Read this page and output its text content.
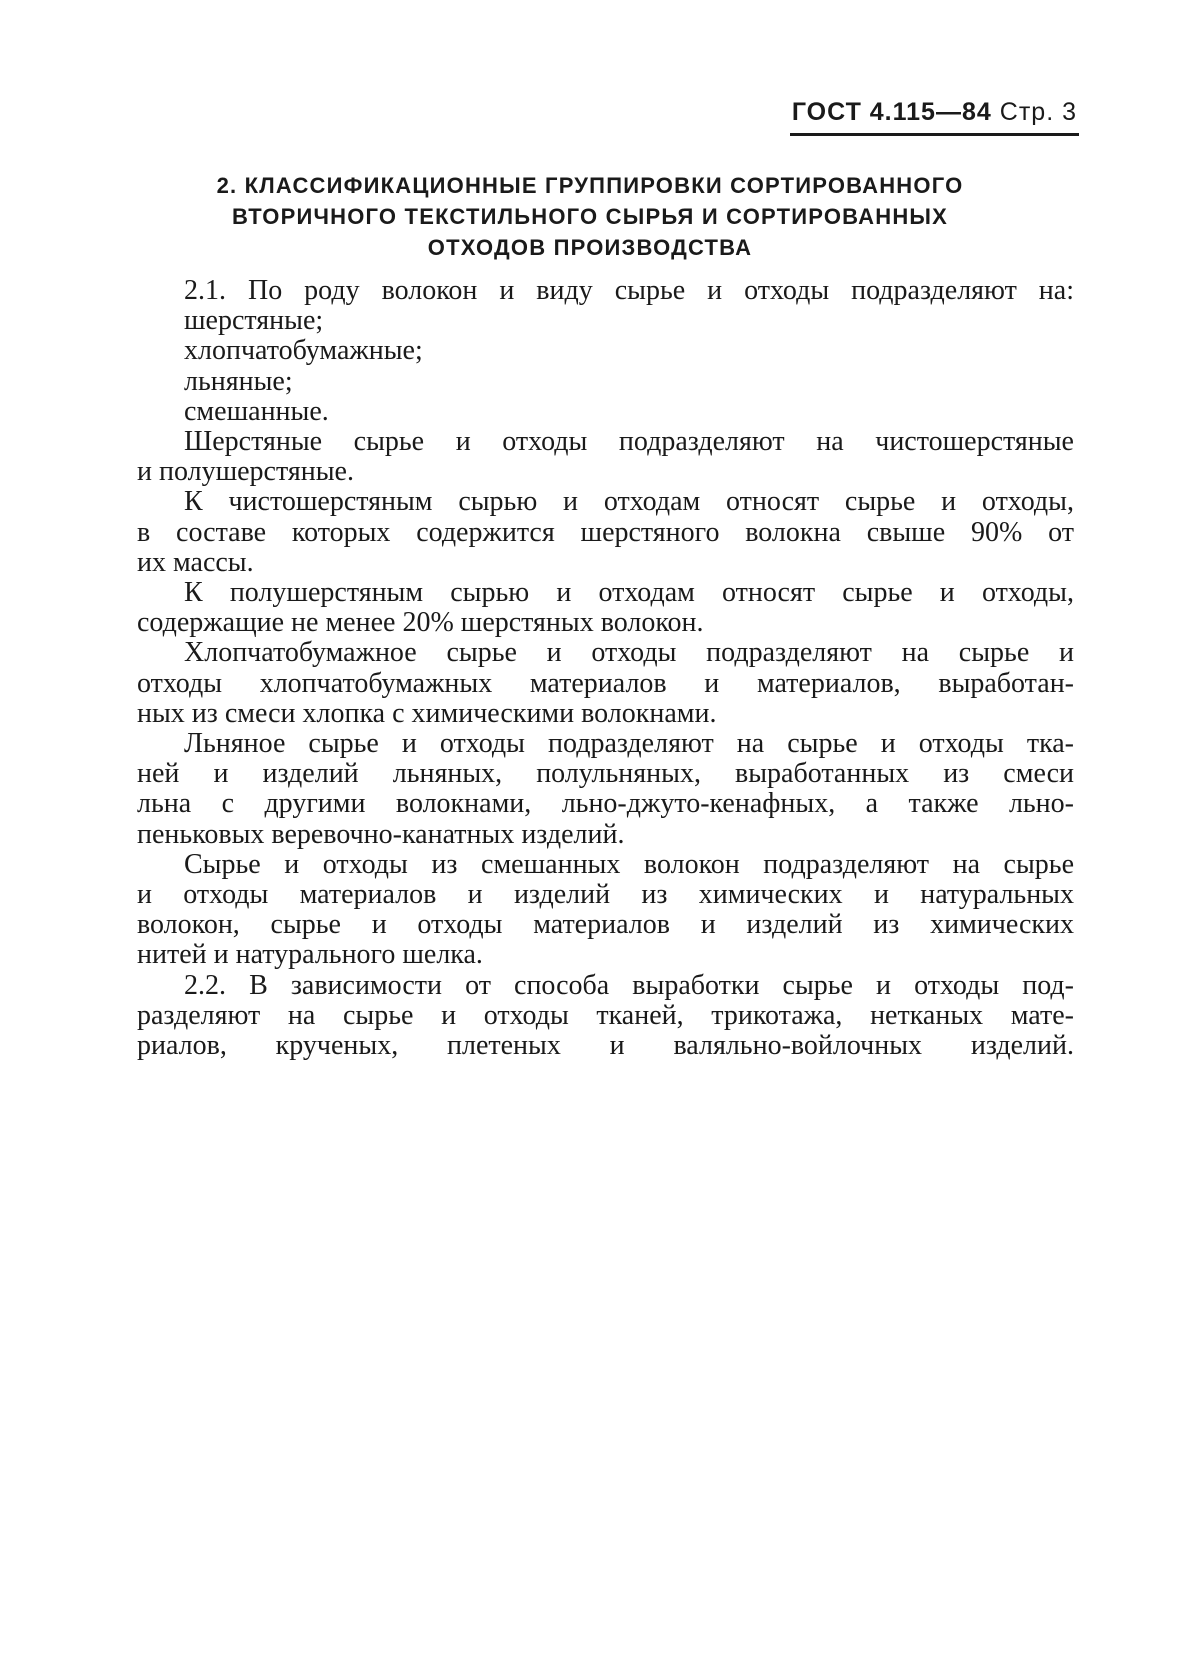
ГОСТ 4.115—84 Стр. 3
2. КЛАССИФИКАЦИОННЫЕ ГРУППИРОВКИ СОРТИРОВАННОГО
ВТОРИЧНОГО ТЕКСТИЛЬНОГО СЫРЬЯ И СОРТИРОВАННЫХ
ОТХОДОВ ПРОИЗВОДСТВА
2.1. По роду волокон и виду сырье и отходы подразделяют на:
шерстяные;
хлопчатобумажные;
льняные;
смешанные.
Шерстяные сырье и отходы подразделяют на чистошерстяные
и полушерстяные.
К чистошерстяным сырью и отходам относят сырье и отходы,
в составе которых содержится шерстяного волокна свыше 90% от
их массы.
К полушерстяным сырью и отходам относят сырье и отходы,
содержащие не менее 20% шерстяных волокон.
Хлопчатобумажное сырье и отходы подразделяют на сырье и
отходы хлопчатобумажных материалов и материалов, выработан-
ных из смеси хлопка с химическими волокнами.
Льняное сырье и отходы подразделяют на сырье и отходы тка-
ней и изделий льняных, полульняных, выработанных из смеси
льна с другими волокнами, льно-джуто-кенафных, а также льно-
пеньковых веревочно-канатных изделий.
Сырье и отходы из смешанных волокон подразделяют на сырье
и отходы материалов и изделий из химических и натуральных
волокон, сырье и отходы материалов и изделий из химических
нитей и натурального шелка.
2.2. В зависимости от способа выработки сырье и отходы под-
разделяют на сырье и отходы тканей, трикотажа, нетканых мате-
риалов, крученых, плетеных и валяльно-войлочных изделий.
